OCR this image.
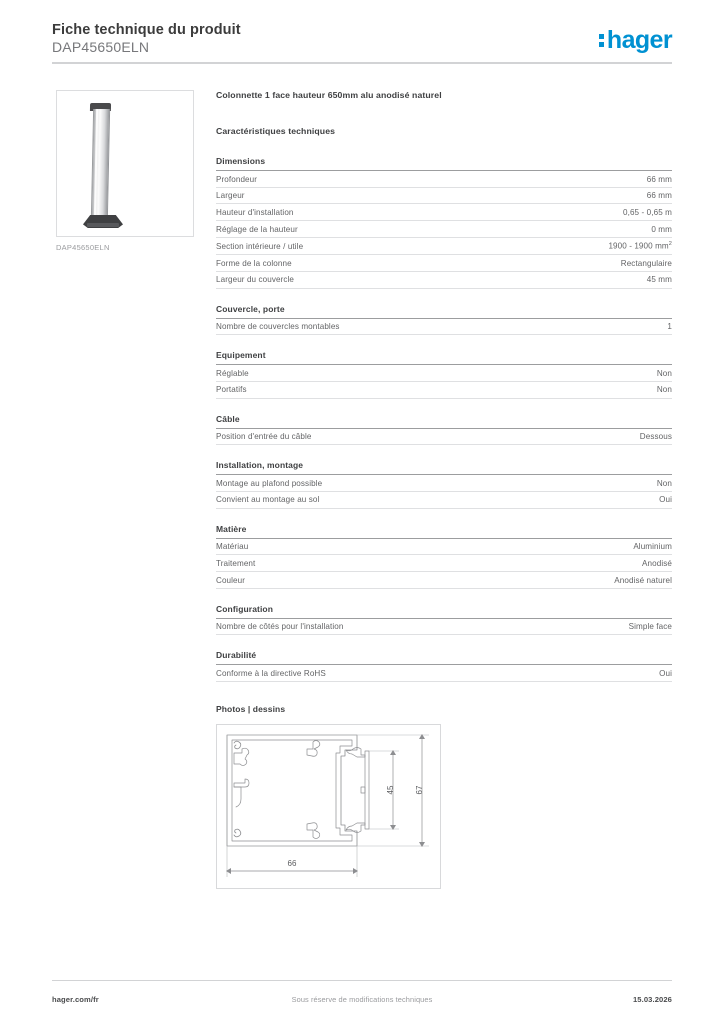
Fiche technique du produit
DAP45650ELN	hager
DAP45650ELN
Colonnette 1 face hauteur 650mm alu anodisé naturel
Caractéristiques techniques
Dimensions
Profondeur	66 mm
Largeur	66 mm
Hauteur d'installation	0,65 - 0,65 m
Réglage de la hauteur	0 mm
Section intérieure / utile	1900 - 1900 $mm^2$
Forme de la colonne	Rectangulaire
Largeur du couvercle	45 mm
Couvercle, porte
Nombre de couvercles montables	1
Equipement
Réglable	Non
Portatifs	Non
Câble
Position d'entrée du câble	Dessous
Installation, montage
Montage au plafond possible	Non
Convient au montage au sol	Oui
Matière
Matériau	Aluminium
Traitement	Anodisé
Couleur	Anodisé naturel
Configuration
Nombre de côtés pour l'installation	Simple face
Durabilité
Conforme à la directive RoHS	Oui
Photos | dessins
45	67
66
hager.com/fr	Sous réserve de modifications techniques	15.03.2026
